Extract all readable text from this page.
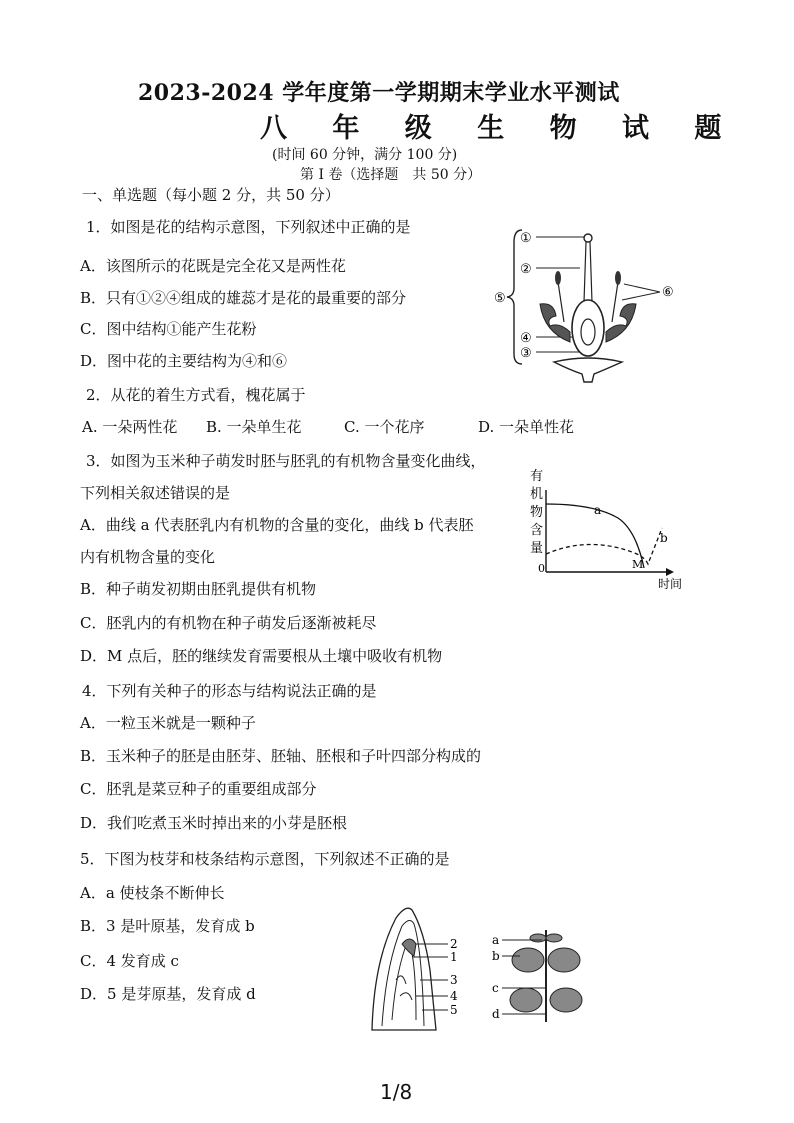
2023-2024 学年度第一学期期末学业水平测试
八 年 级 生 物 试 题
(时间 60 分钟，满分 100 分)
第 I 卷（选择题　共 50 分）
一、单选题（每小题 2 分，共 50 分）
1．如图是花的结构示意图，下列叙述中正确的是
A．该图所示的花既是完全花又是两性花
B．只有①②④组成的雄蕊才是花的最重要的部分
C．图中结构①能产生花粉
D．图中花的主要结构为④和⑥
⑤
①
②
④
③
⑥
2．从花的着生方式看，槐花属于
A. 一朵两性花 B. 一朵单生花	C. 一个花序	D. 一朵单性花
3．如图为玉米种子萌发时胚与胚乳的有机物含量变化曲线，
下列相关叙述错误的是
A．曲线 a 代表胚乳内有机物的含量的变化，曲线 b 代表胚
内有机物含量的变化
B．种子萌发初期由胚乳提供有机物
C．胚乳内的有机物在种子萌发后逐渐被耗尽
D．M 点后，胚的继续发育需要根从土壤中吸收有机物
有
机
物
含
量
0
时间
a
b
M
4．下列有关种子的形态与结构说法正确的是
A．一粒玉米就是一颗种子
B．玉米种子的胚是由胚芽、胚轴、胚根和子叶四部分构成的
C．胚乳是菜豆种子的重要组成部分
D．我们吃煮玉米时掉出来的小芽是胚根
5．下图为枝芽和枝条结构示意图，下列叙述不正确的是
A．a 使枝条不断伸长
B．3 是叶原基，发育成 b
C．4 发育成 c
D．5 是芽原基，发育成 d
2
1
3
4
5
a
b
c
d
1/8
